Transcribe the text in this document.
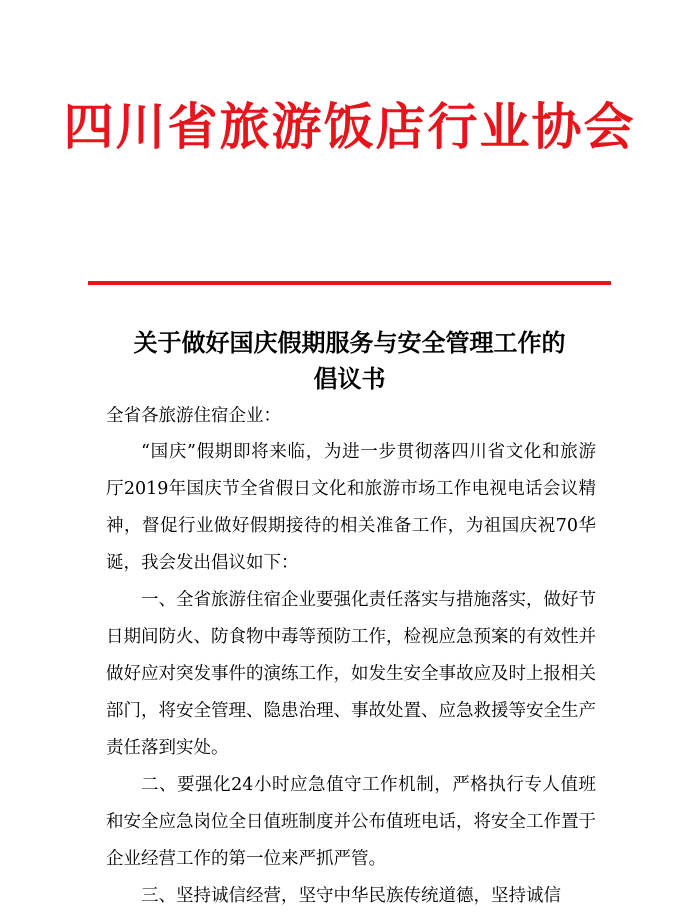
四川省旅游饭店行业协会
关于做好国庆假期服务与安全管理工作的
倡议书
全省各旅游住宿企业：

“国庆”假期即将来临，为进一步贯彻落四川省文化和旅游厅2019年国庆节全省假日文化和旅游市场工作电视电话会议精神，督促行业做好假期接待的相关准备工作，为祖国庆祝70华诞，我会发出倡议如下：

一、全省旅游住宿企业要强化责任落实与措施落实，做好节日期间防火、防食物中毒等预防工作，检视应急预案的有效性并做好应对突发事件的演练工作，如发生安全事故应及时上报相关部门，将安全管理、隐患治理、事故处置、应急救援等安全生产责任落到实处。

二、要强化24小时应急值守工作机制，严格执行专人值班和安全应急岗位全日值班制度并公布值班电话，将安全工作置于企业经营工作的第一位来严抓严管。

三、坚持诚信经营，坚守中华民族传统道德，坚持诚信
